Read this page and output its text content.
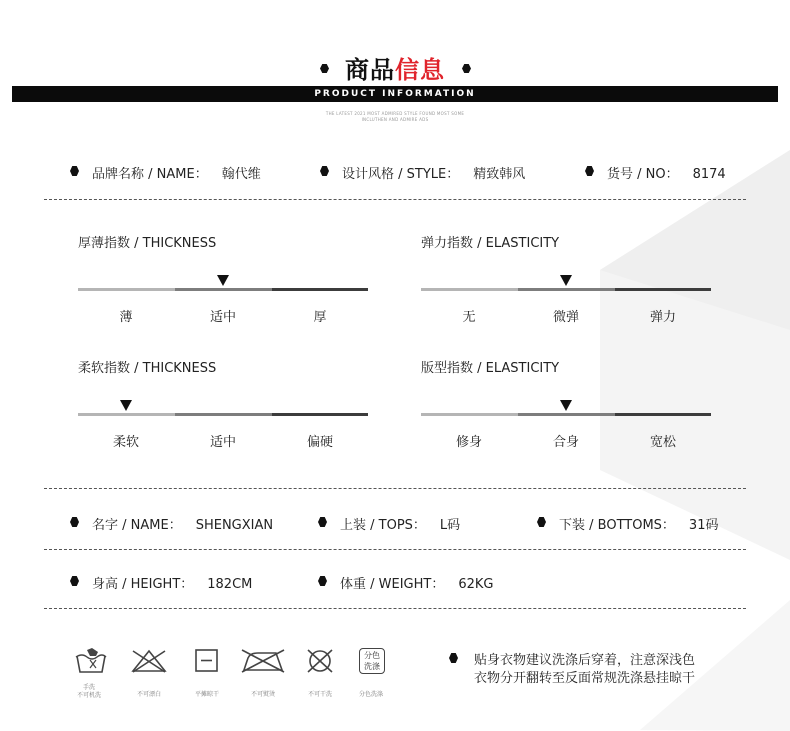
商品信息
PRODUCT INFORMATION
THE LATEST 2021 MOST ADMIRED STYLE FOUND MOST SOME
INCLUTHEN AND ADMIRE ADS
品牌名称 / NAME： 翰代维	设计风格 / STYLE： 精致韩风	货号 / NO： 8174
厚薄指数 / THICKNESS
薄	适中	厚
弹力指数 / ELASTICITY
无	微弹	弹力
柔软指数 / THICKNESS
柔软	适中	偏硬
版型指数 / ELASTICITY
修身	合身	宽松
名字 / NAME： SHENGXIAN	上装 / TOPS： L码	下装 / BOTTOMS： 31码
身高 / HEIGHT： 182CM	体重 / WEIGHT： 62KG
分色洗涤
手洗
不可机洗	不可漂白	平摊晾干	不可熨烫	不可干洗	分色洗涤
贴身衣物建议洗涤后穿着，注意深浅色
衣物分开翻转至反面常规洗涤悬挂晾干
